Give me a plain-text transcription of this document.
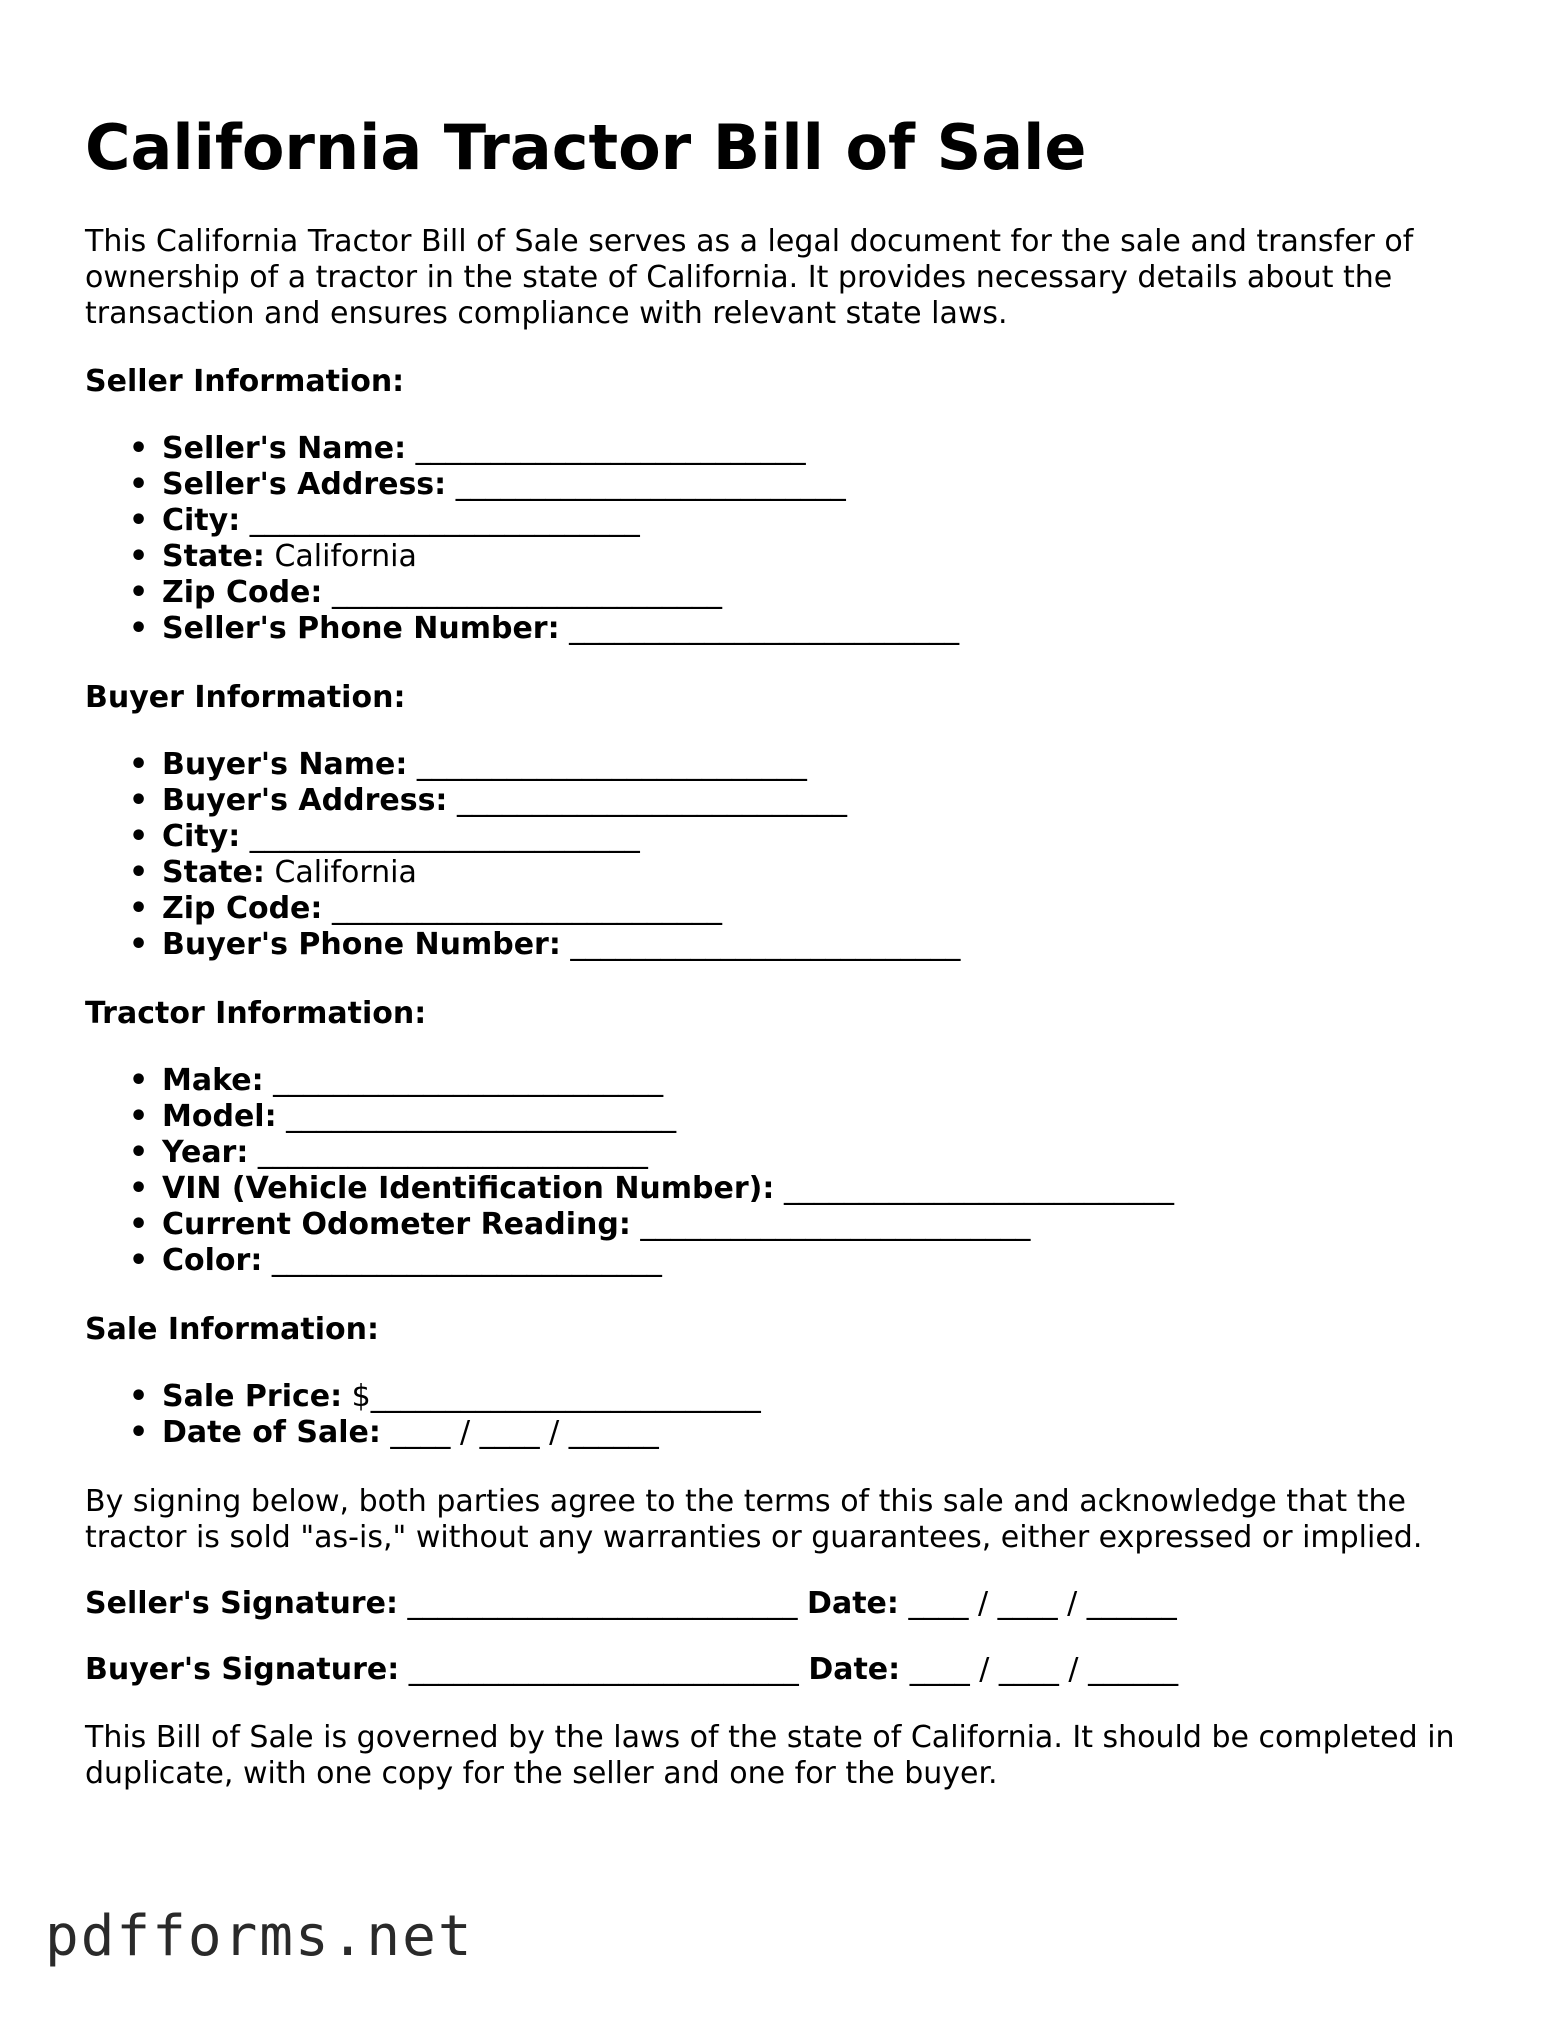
California Tractor Bill of Sale

This California Tractor Bill of Sale serves as a legal document for the sale and transfer of ownership of a tractor in the state of California. It provides necessary details about the transaction and ensures compliance with relevant state laws.

Seller Information:

• Seller's Name: __________________________
• Seller's Address: __________________________
• City: __________________________
• State: California
• Zip Code: __________________________
• Seller's Phone Number: __________________________

Buyer Information:

• Buyer's Name: __________________________
• Buyer's Address: __________________________
• City: __________________________
• State: California
• Zip Code: __________________________
• Buyer's Phone Number: __________________________

Tractor Information:

• Make: __________________________
• Model: __________________________
• Year: __________________________
• VIN (Vehicle Identification Number): __________________________
• Current Odometer Reading: __________________________
• Color: __________________________

Sale Information:

• Sale Price: $__________________________
• Date of Sale: ____ / ____ / ______

By signing below, both parties agree to the terms of this sale and acknowledge that the tractor is sold "as-is," without any warranties or guarantees, either expressed or implied.

Seller's Signature: __________________________ Date: ____ / ____ / ______

Buyer's Signature: __________________________ Date: ____ / ____ / ______

This Bill of Sale is governed by the laws of the state of California. It should be completed in duplicate, with one copy for the seller and one for the buyer.

pdfforms.net
